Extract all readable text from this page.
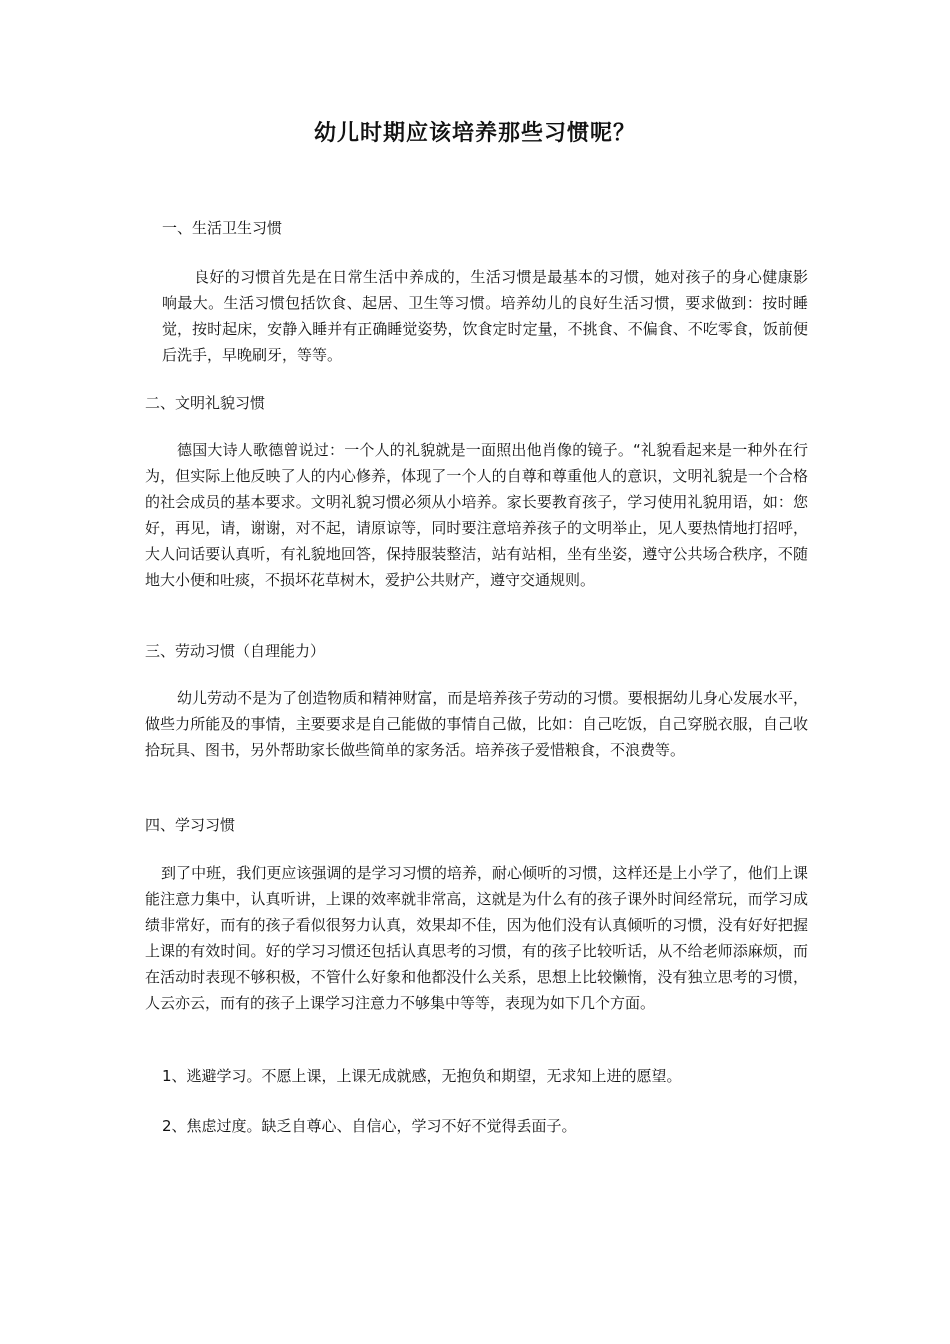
幼儿时期应该培养那些习惯呢？
一、生活卫生习惯

良好的习惯首先是在日常生活中养成的，生活习惯是最基本的习惯，她对孩子的身心健康影响最大。生活习惯包括饮食、起居、卫生等习惯。培养幼儿的良好生活习惯，要求做到：按时睡觉，按时起床，安静入睡并有正确睡觉姿势，饮食定时定量，不挑食、不偏食、不吃零食，饭前便后洗手，早晚刷牙，等等。

二、文明礼貌习惯

德国大诗人歌德曾说过：一个人的礼貌就是一面照出他肖像的镜子。“礼貌看起来是一种外在行为，但实际上他反映了人的内心修养，体现了一个人的自尊和尊重他人的意识，文明礼貌是一个合格的社会成员的基本要求。文明礼貌习惯必须从小培养。家长要教育孩子，学习使用礼貌用语，如：您好，再见，请，谢谢，对不起，请原谅等，同时要注意培养孩子的文明举止，见人要热情地打招呼，大人问话要认真听，有礼貌地回答，保持服装整洁，站有站相，坐有坐姿，遵守公共场合秩序，不随地大小便和吐痰，不损坏花草树木，爱护公共财产，遵守交通规则。

三、劳动习惯（自理能力）

幼儿劳动不是为了创造物质和精神财富，而是培养孩子劳动的习惯。要根据幼儿身心发展水平，做些力所能及的事情，主要要求是自己能做的事情自己做，比如：自己吃饭，自己穿脱衣服，自己收拾玩具、图书，另外帮助家长做些简单的家务活。培养孩子爱惜粮食，不浪费等。

四、学习习惯

到了中班，我们更应该强调的是学习习惯的培养，耐心倾听的习惯，这样还是上小学了，他们上课能注意力集中，认真听讲，上课的效率就非常高，这就是为什么有的孩子课外时间经常玩，而学习成绩非常好，而有的孩子看似很努力认真，效果却不佳，因为他们没有认真倾听的习惯，没有好好把握上课的有效时间。好的学习习惯还包括认真思考的习惯，有的孩子比较听话，从不给老师添麻烦，而在活动时表现不够积极，不管什么好象和他都没什么关系，思想上比较懒惰，没有独立思考的习惯，人云亦云，而有的孩子上课学习注意力不够集中等等，表现为如下几个方面。

1、逃避学习。不愿上课，上课无成就感，无抱负和期望，无求知上进的愿望。

2、焦虑过度。缺乏自尊心、自信心，学习不好不觉得丢面子。
